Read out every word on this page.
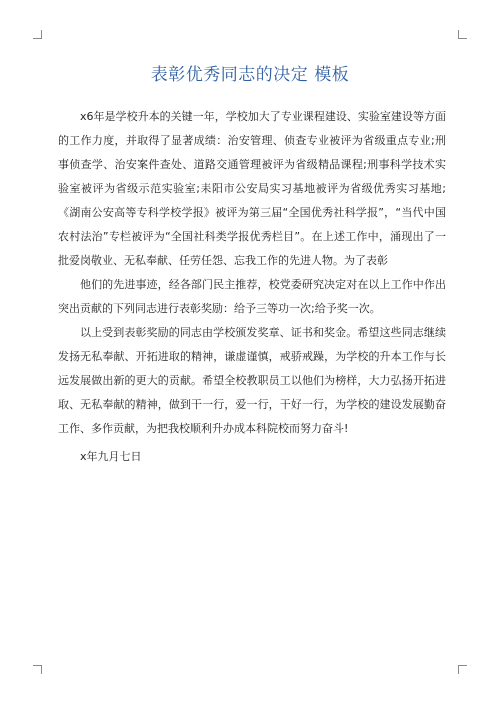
表彰优秀同志的决定 模板

x6年是学校升本的关键一年，学校加大了专业课程建设、实验室建设等方面的工作力度，并取得了显著成绩：治安管理、侦查专业被评为省级重点专业;刑事侦查学、治安案件查处、道路交通管理被评为省级精品课程;刑事科学技术实验室被评为省级示范实验室;耒阳市公安局实习基地被评为省级优秀实习基地;《湖南公安高等专科学校学报》被评为第三届“全国优秀社科学报”，“当代中国农村法治”专栏被评为“全国社科类学报优秀栏目”。在上述工作中，涌现出了一批爱岗敬业、无私奉献、任劳任怨、忘我工作的先进人物。为了表彰

他们的先进事迹，经各部门民主推荐，校党委研究决定对在以上工作中作出突出贡献的下列同志进行表彰奖励：给予三等功一次;给予奖一次。

以上受到表彰奖励的同志由学校颁发奖章、证书和奖金。希望这些同志继续发扬无私奉献、开拓进取的精神，谦虚谨慎，戒骄戒躁，为学校的升本工作与长远发展做出新的更大的贡献。希望全校教职员工以他们为榜样，大力弘扬开拓进取、无私奉献的精神，做到干一行，爱一行，干好一行，为学校的建设发展勤奋工作、多作贡献，为把我校顺利升办成本科院校而努力奋斗!

x年九月七日
